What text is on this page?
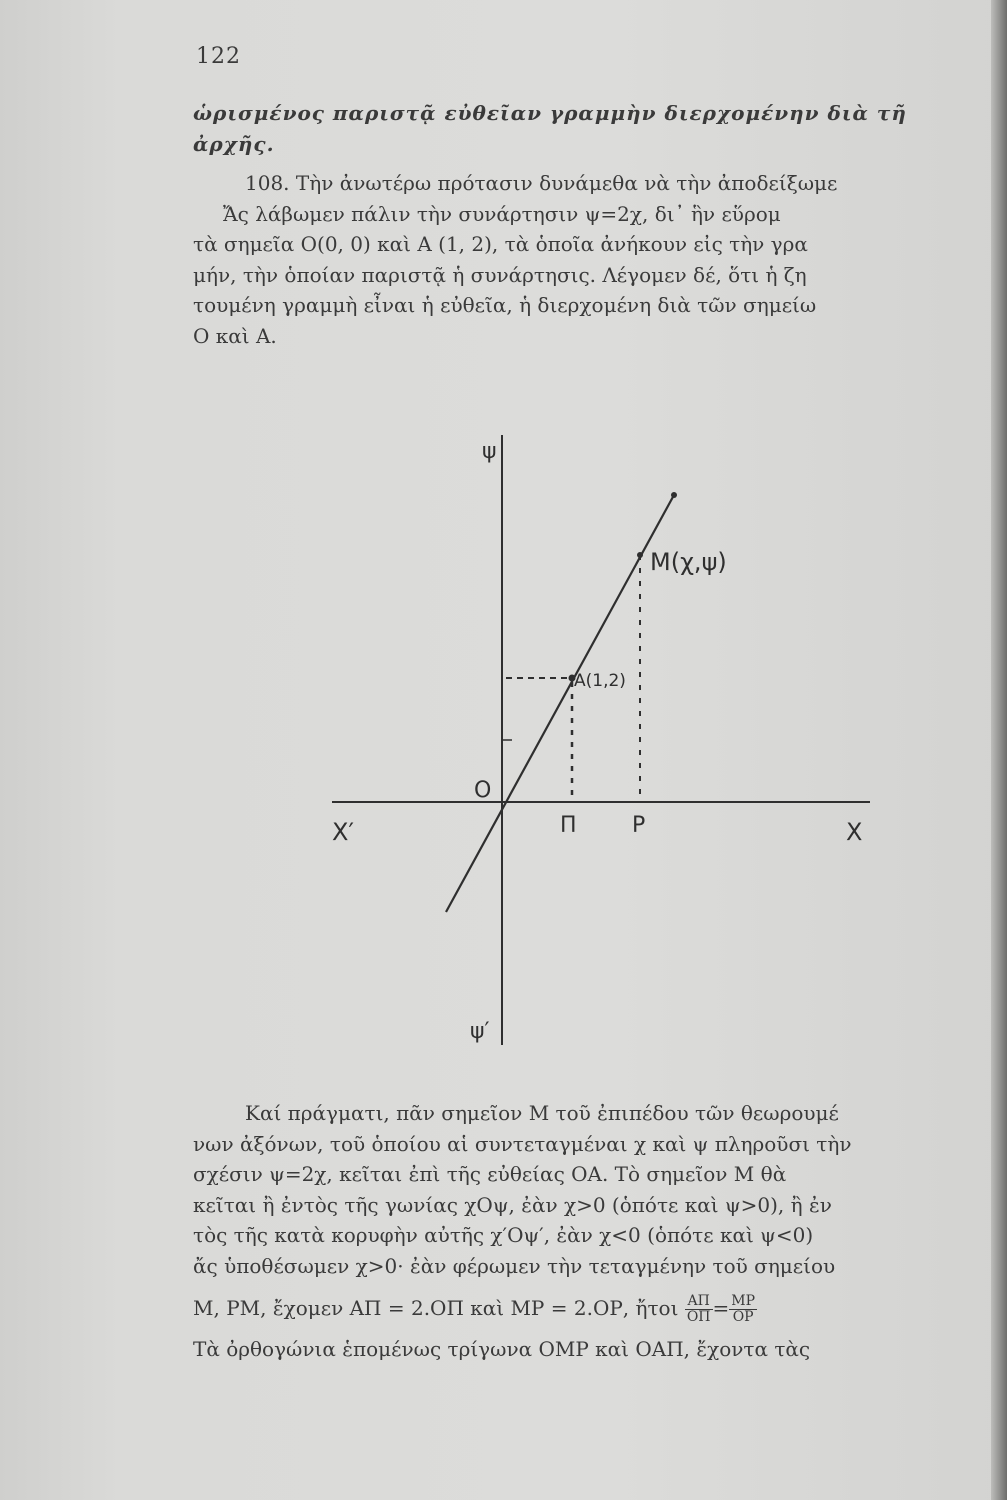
122
ὡρισμένος παριστᾷ εὐθεῖαν γραμμὴν διερχομένην διὰ τῆ
ἀρχῆς.
108. Τὴν ἀνωτέρω πρότασιν δυνάμεθα νὰ τὴν ἀποδείξωμε
Ἄς λάβωμεν πάλιν τὴν συνάρτησιν ψ=2χ, δι᾽ ἣν εὕρομ
τὰ σημεῖα Ο(0, 0) καὶ Α (1, 2), τὰ ὁποῖα ἀνήκουν εἰς τὴν γρα
μήν, τὴν ὁποίαν παριστᾷ ἡ συνάρτησις. Λέγομεν δέ, ὅτι ἡ ζη
τουμένη γραμμὴ εἶναι ἡ εὐθεῖα, ἡ διερχομένη διὰ τῶν σημείω
Ο καὶ Α.
ψ
ψ′
Χ′	Χ
Ο
Π	Ρ
Α(1,2)
Μ(χ,ψ)
Καί πράγματι, πᾶν σημεῖον Μ τοῦ ἐπιπέδου τῶν θεωρουμέ
νων ἀξόνων, τοῦ ὁποίου αἱ συντεταγμέναι χ καὶ ψ πληροῦσι τὴν
σχέσιν ψ=2χ, κεῖται ἐπὶ τῆς εὐθείας ΟΑ. Τὸ σημεῖον Μ θὰ
κεῖται ἢ ἐντὸς τῆς γωνίας χΟψ, ἐὰν χ>0 (ὁπότε καὶ ψ>0), ἢ ἐν
τὸς τῆς κατὰ κορυφὴν αὐτῆς χ′Οψ′, ἐὰν χ<0 (ὁπότε καὶ ψ<0)
ἄς ὑποθέσωμεν χ>0· ἐὰν φέρωμεν τὴν τεταγμένην τοῦ σημείου
Μ, ΡΜ, ἔχομεν ΑΠ = 2.ΟΠ καὶ ΜΡ = 2.ΟΡ, ἤτοι $\frac{A\Pi}{O\Pi} = \frac{MP}{OP}$
Τὰ ὀρθογώνια ἑπομένως τρίγωνα ΟΜΡ καὶ ΟΑΠ, ἔχοντα τὰς
